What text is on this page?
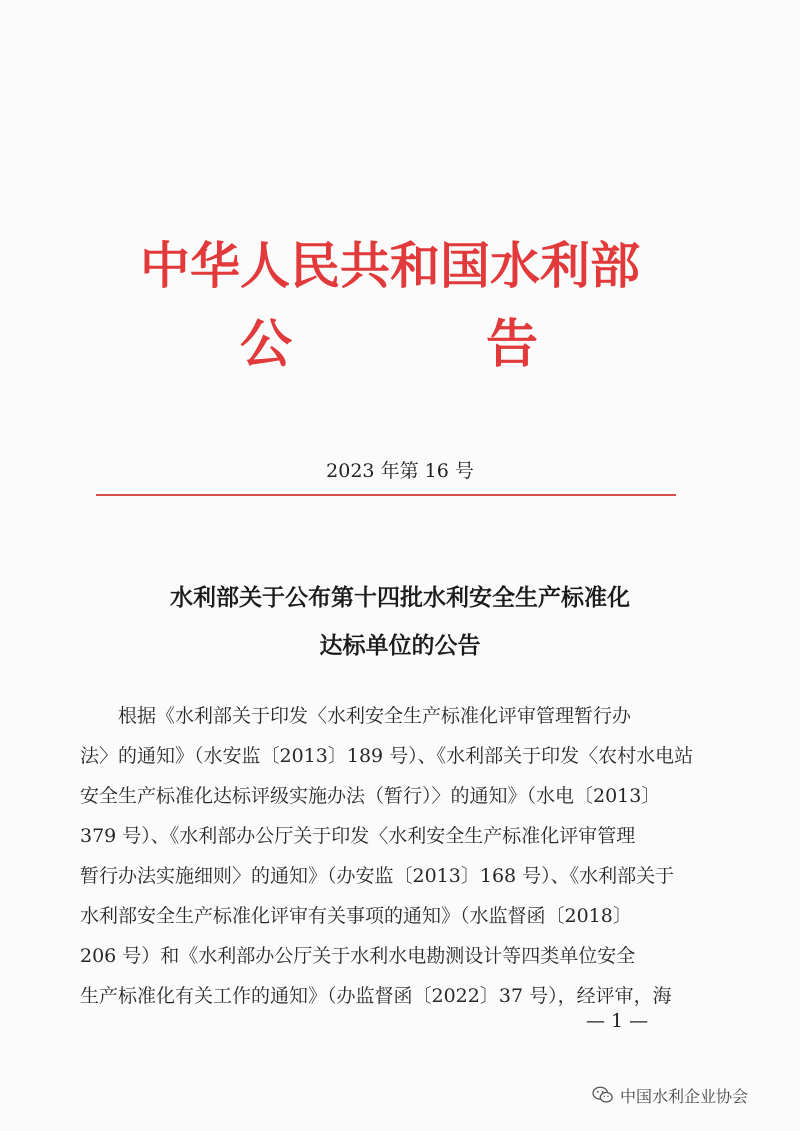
中华人民共和国水利部
公	告
2023 年第 16 号
水利部关于公布第十四批水利安全生产标准化
达标单位的公告
根据《水利部关于印发〈水利安全生产标准化评审管理暂行办
法〉的通知》（水安监〔2013〕189 号）、《水利部关于印发〈农村水电站
安全生产标准化达标评级实施办法（暂行）〉的通知》（水电〔2013〕
379 号）、《水利部办公厅关于印发〈水利安全生产标准化评审管理
暂行办法实施细则〉的通知》（办安监〔2013〕168 号）、《水利部关于
水利部安全生产标准化评审有关事项的通知》（水监督函〔2018〕
206 号）和《水利部办公厅关于水利水电勘测设计等四类单位安全
生产标准化有关工作的通知》（办监督函〔2022〕37 号），经评审，海
— 1 —
中国水利企业协会
